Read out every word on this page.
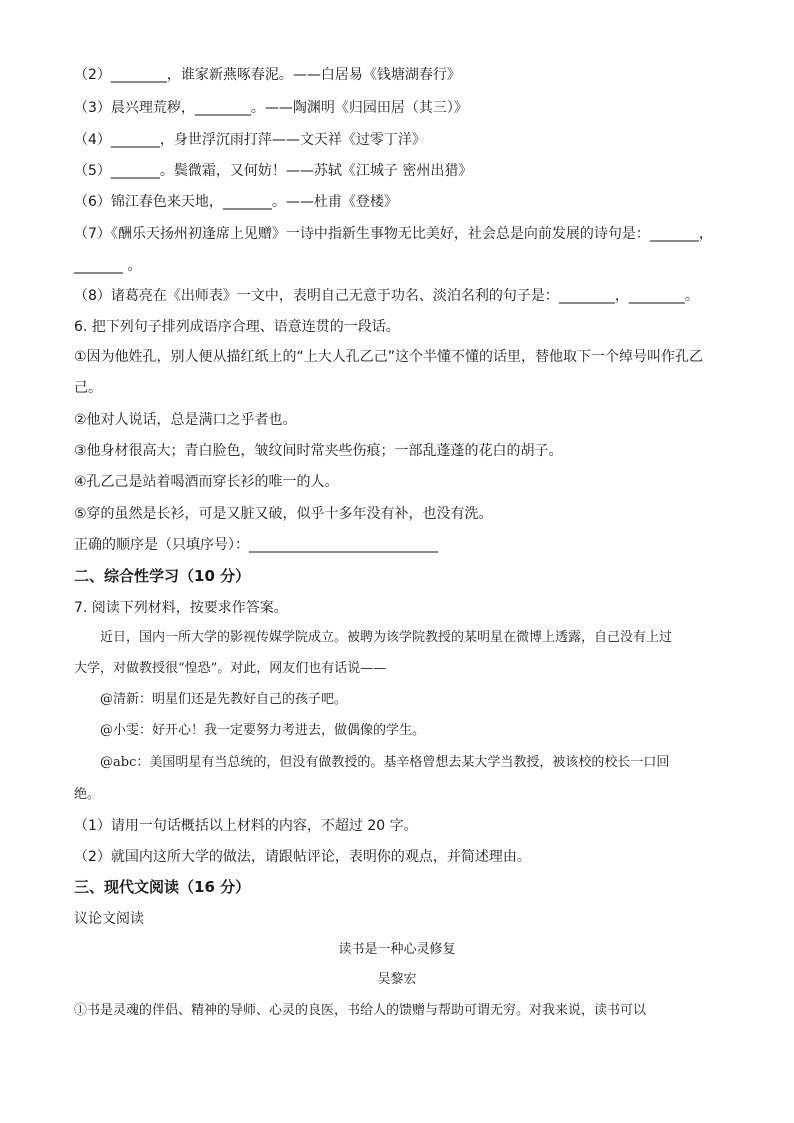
（2）________，谁家新燕啄春泥。——白居易《钱塘湖春行》
（3）晨兴理荒秽，________。——陶渊明《归园田居（其三）》
（4）_______，身世浮沉雨打萍——文天祥《过零丁洋》
（5）_______。鬓微霜，又何妨！——苏轼《江城子 密州出猎》
（6）锦江春色来天地，_______。——杜甫《登楼》
（7）《酬乐天扬州初逢席上见赠》一诗中指新生事物无比美好，社会总是向前发展的诗句是：_______，
_______ 。
（8）诸葛亮在《出师表》一文中，表明自己无意于功名、淡泊名利的句子是：________，________。
6. 把下列句子排列成语序合理、语意连贯的一段话。
①因为他姓孔，别人便从描红纸上的“上大人孔乙己”这个半懂不懂的话里，替他取下一个绰号叫作孔乙
己。
②他对人说话，总是满口之乎者也。
③他身材很高大；青白脸色，皱纹间时常夹些伤痕；一部乱蓬蓬的花白的胡子。
④孔乙己是站着喝酒而穿长衫的唯一的人。
⑤穿的虽然是长衫，可是又脏又破，似乎十多年没有补，也没有洗。
正确的顺序是（只填序号）：___________________________
二、综合性学习（10 分）
7. 阅读下列材料，按要求作答案。
近日，国内一所大学的影视传媒学院成立。被聘为该学院教授的某明星在微博上透露，自己没有上过
大学，对做教授很“惶恐”。对此，网友们也有话说——
@清新：明星们还是先教好自己的孩子吧。
@小雯：好开心！我一定要努力考进去，做偶像的学生。
@abc：美国明星有当总统的，但没有做教授的。基辛格曾想去某大学当教授，被该校的校长一口回
绝。
（1）请用一句话概括以上材料的内容，不超过 20 字。
（2）就国内这所大学的做法，请跟帖评论，表明你的观点，并简述理由。
三、现代文阅读（16 分）
议论文阅读
读书是一种心灵修复
吴黎宏
①书是灵魂的伴侣、精神的导师、心灵的良医，书给人的馈赠与帮助可谓无穷。对我来说，读书可以
